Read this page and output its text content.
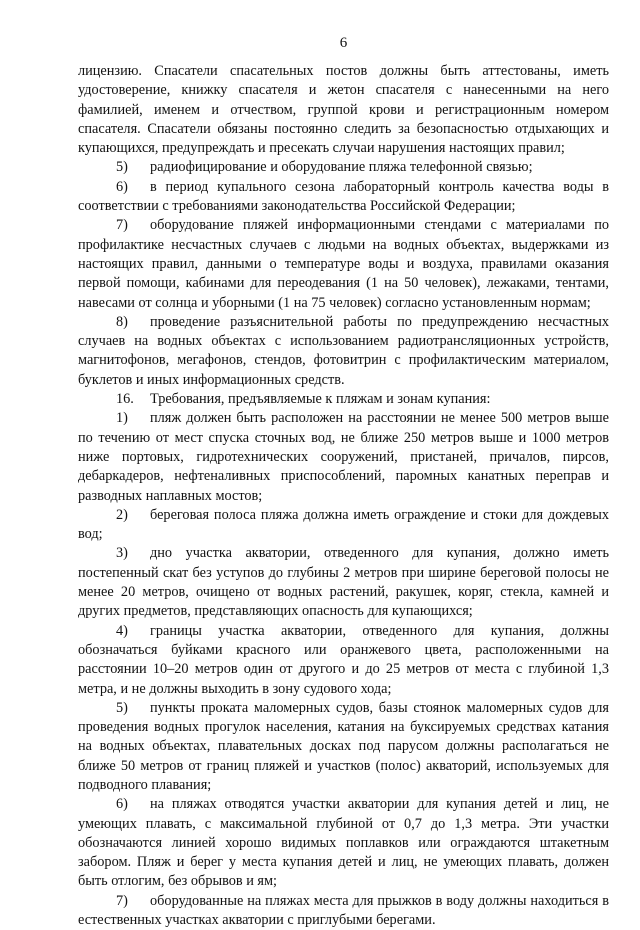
6

лицензию. Спасатели спасательных постов должны быть аттестованы, иметь удостоверение, книжку спасателя и жетон спасателя с нанесенными на него фамилией, именем и отчеством, группой крови и регистрационным номером спасателя. Спасатели обязаны постоянно следить за безопасностью отдыхающих и купающихся, предупреждать и пресекать случаи нарушения настоящих правил;

5) радиофицирование и оборудование пляжа телефонной связью;

6) в период купального сезона лабораторный контроль качества воды в соответствии с требованиями законодательства Российской Федерации;

7) оборудование пляжей информационными стендами с материалами по профилактике несчастных случаев с людьми на водных объектах, выдержками из настоящих правил, данными о температуре воды и воздуха, правилами оказания первой помощи, кабинами для переодевания (1 на 50 человек), лежаками, тентами, навесами от солнца и уборными (1 на 75 человек) согласно установленным нормам;

8) проведение разъяснительной работы по предупреждению несчастных случаев на водных объектах с использованием радиотрансляционных устройств, магнитофонов, мегафонов, стендов, фотовитрин с профилактическим материалом, буклетов и иных информационных средств.

16. Требования, предъявляемые к пляжам и зонам купания:

1) пляж должен быть расположен на расстоянии не менее 500 метров выше по течению от мест спуска сточных вод, не ближе 250 метров выше и 1000 метров ниже портовых, гидротехнических сооружений, пристаней, причалов, пирсов, дебаркадеров, нефтеналивных приспособлений, паромных канатных переправ и разводных наплавных мостов;

2) береговая полоса пляжа должна иметь ограждение и стоки для дождевых вод;

3) дно участка акватории, отведенного для купания, должно иметь постепенный скат без уступов до глубины 2 метров при ширине береговой полосы не менее 20 метров, очищено от водных растений, ракушек, коряг, стекла, камней и других предметов, представляющих опасность для купающихся;

4) границы участка акватории, отведенного для купания, должны обозначаться буйками красного или оранжевого цвета, расположенными на расстоянии 10–20 метров один от другого и до 25 метров от места с глубиной 1,3 метра, и не должны выходить в зону судового хода;

5) пункты проката маломерных судов, базы стоянок маломерных судов для проведения водных прогулок населения, катания на буксируемых средствах катания на водных объектах, плавательных досках под парусом должны располагаться не ближе 50 метров от границ пляжей и участков (полос) акваторий, используемых для подводного плавания;

6) на пляжах отводятся участки акватории для купания детей и лиц, не умеющих плавать, с максимальной глубиной от 0,7 до 1,3 метра. Эти участки обозначаются линией хорошо видимых поплавков или ограждаются штакетным забором. Пляж и берег у места купания детей и лиц, не умеющих плавать, должен быть отлогим, без обрывов и ям;

7) оборудованные на пляжах места для прыжков в воду должны находиться в естественных участках акватории с приглубыми берегами.
